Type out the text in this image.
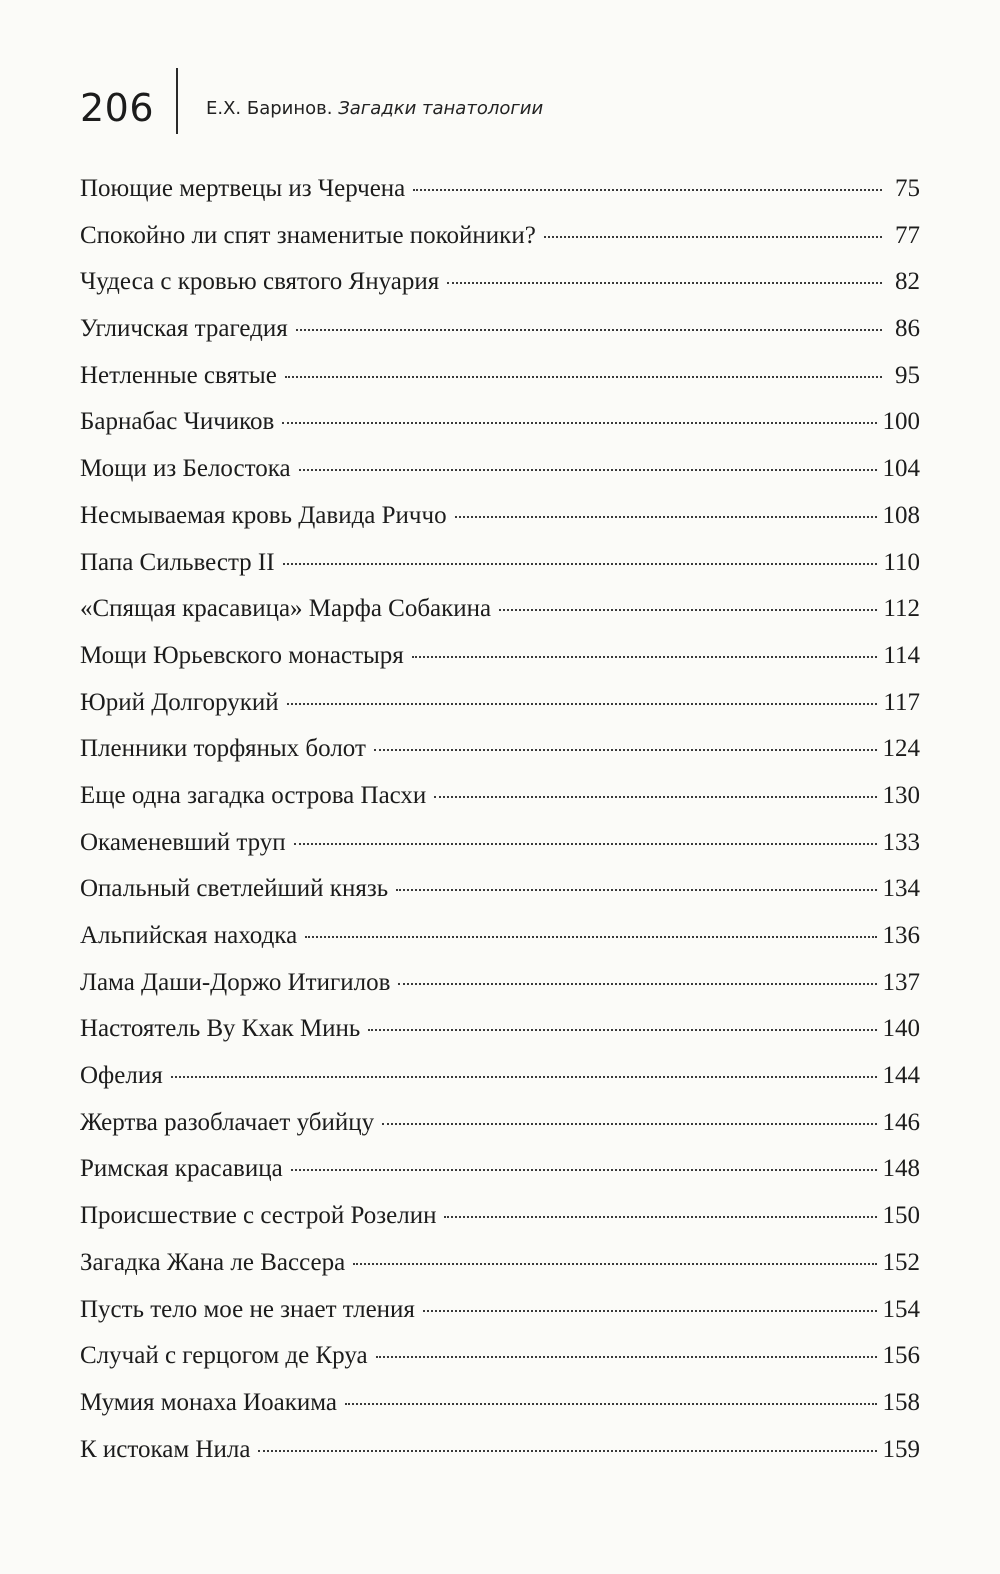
206	Е.Х. Баринов. Загадки танатологии
Поющие мертвецы из Черчена	75
Спокойно ли спят знаменитые покойники?	77
Чудеса с кровью святого Януария	82
Угличская трагедия	86
Нетленные святые	95
Барнабас Чичиков	100
Мощи из Белостока	104
Несмываемая кровь Давида Риччо	108
Папа Сильвестр II	110
«Спящая красавица» Марфа Собакина	112
Мощи Юрьевского монастыря	114
Юрий Долгорукий	117
Пленники торфяных болот	124
Еще одна загадка острова Пасхи	130
Окаменевший труп	133
Опальный светлейший князь	134
Альпийская находка	136
Лама Даши-Доржо Итигилов	137
Настоятель Ву Кхак Минь	140
Офелия	144
Жертва разоблачает убийцу	146
Римская красавица	148
Происшествие с сестрой Розелин	150
Загадка Жана ле Вассера	152
Пусть тело мое не знает тления	154
Случай с герцогом де Круа	156
Мумия монаха Иоакима	158
К истокам Нила	159
